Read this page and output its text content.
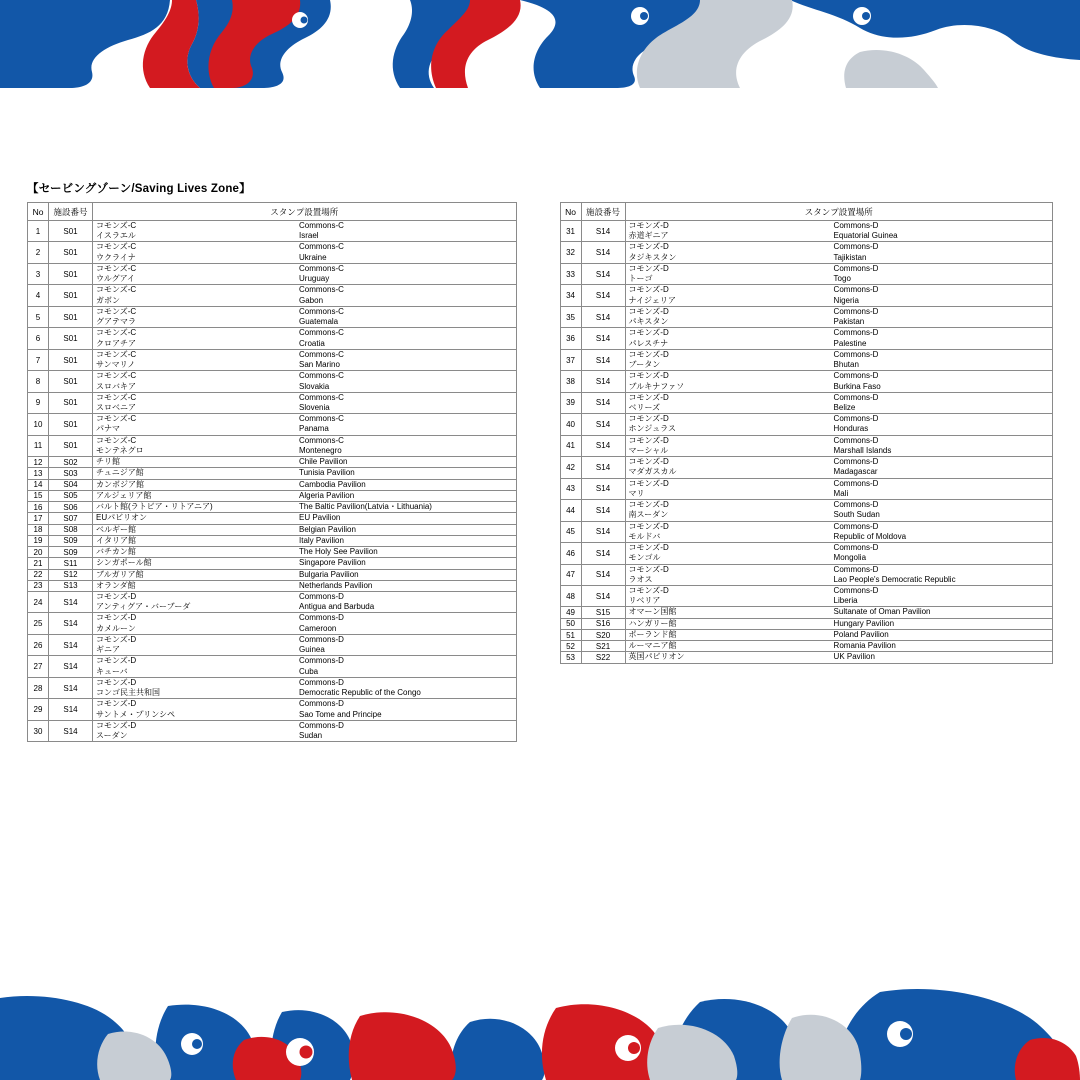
【セービングゾーン/Saving Lives Zone】
No	施設番号	スタンプ設置場所
1	S01	コモンズ-C
イスラエル
Commons-C
Israel

2	S01	コモンズ-C
ウクライナ
Commons-C
Ukraine

3	S01	コモンズ-C
ウルグアイ
Commons-C
Uruguay

4	S01	コモンズ-C
ガボン
Commons-C
Gabon

5	S01	コモンズ-C
グアテマラ
Commons-C
Guatemala

6	S01	コモンズ-C
クロアチア
Commons-C
Croatia

7	S01	コモンズ-C
サンマリノ
Commons-C
San Marino

8	S01	コモンズ-C
スロバキア
Commons-C
Slovakia

9	S01	コモンズ-C
スロベニア
Commons-C
Slovenia

10	S01	コモンズ-C
パナマ
Commons-C
Panama

11	S01	コモンズ-C
モンテネグロ
Commons-C
Montenegro

12	S02	チリ館 Chile Pavilion

13	S03	チュニジア館 Tunisia Pavilion

14	S04	カンボジア館 Cambodia Pavilion

15	S05	アルジェリア館 Algeria Pavilion

16	S06	バルト館(ラトビア・リトアニア) The Baltic Pavilion(Latvia・Lithuania)

17	S07	EUパビリオン EU Pavilion

18	S08	ベルギー館 Belgian Pavilion

19	S09	イタリア館 Italy Pavilion

20	S09	バチカン館 The Holy See Pavilion

21	S11	シンガポール館 Singapore Pavilion

22	S12	ブルガリア館 Bulgaria Pavilion

23	S13	オランダ館 Netherlands Pavilion

24	S14	コモンズ-D
アンティグア・バーブーダ
Commons-D
Antigua and Barbuda

25	S14	コモンズ-D
カメルーン
Commons-D
Cameroon

26	S14	コモンズ-D
ギニア
Commons-D
Guinea

27	S14	コモンズ-D
キューバ
Commons-D
Cuba

28	S14	コモンズ-D
コンゴ民主共和国
Commons-D
Democratic Republic of the Congo

29	S14	コモンズ-D
サントメ・プリンシペ
Commons-D
Sao Tome and Principe

30	S14	コモンズ-D
スーダン
Commons-D
Sudan
No	施設番号	スタンプ設置場所
31	S14	コモンズ-D
赤道ギニア
Commons-D
Equatorial Guinea

32	S14	コモンズ-D
タジキスタン
Commons-D
Tajikistan

33	S14	コモンズ-D
トーゴ
Commons-D
Togo

34	S14	コモンズ-D
ナイジェリア
Commons-D
Nigeria

35	S14	コモンズ-D
パキスタン
Commons-D
Pakistan

36	S14	コモンズ-D
パレスチナ
Commons-D
Palestine

37	S14	コモンズ-D
ブータン
Commons-D
Bhutan

38	S14	コモンズ-D
ブルキナファソ
Commons-D
Burkina Faso

39	S14	コモンズ-D
ベリーズ
Commons-D
Belize

40	S14	コモンズ-D
ホンジュラス
Commons-D
Honduras

41	S14	コモンズ-D
マーシャル
Commons-D
Marshall Islands

42	S14	コモンズ-D
マダガスカル
Commons-D
Madagascar

43	S14	コモンズ-D
マリ
Commons-D
Mali

44	S14	コモンズ-D
南スーダン
Commons-D
South Sudan

45	S14	コモンズ-D
モルドバ
Commons-D
Republic of Moldova

46	S14	コモンズ-D
モンゴル
Commons-D
Mongolia

47	S14	コモンズ-D
ラオス
Commons-D
Lao People's Democratic Republic

48	S14	コモンズ-D
リベリア
Commons-D
Liberia

49	S15	オマーン国館 Sultanate of Oman Pavilion

50	S16	ハンガリー館 Hungary Pavilion

51	S20	ポーランド館 Poland Pavilion

52	S21	ルーマニア館 Romania Pavilion

53	S22	英国パビリオン UK Pavilion
